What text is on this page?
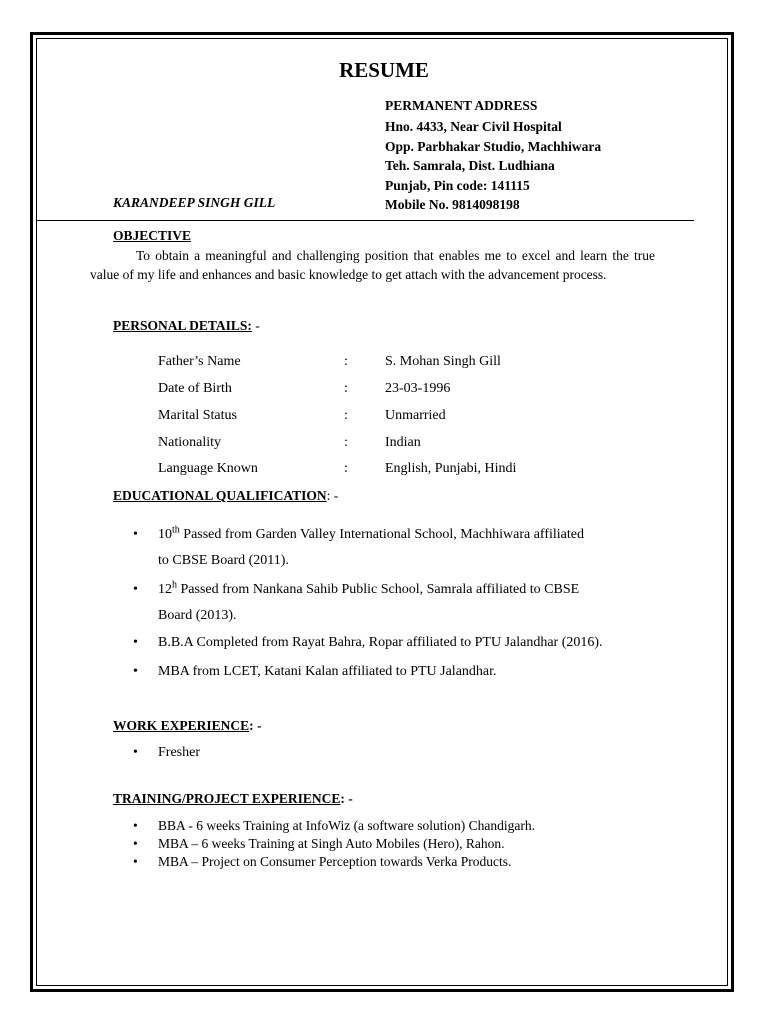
RESUME
PERMANENT ADDRESS
Hno. 4433, Near Civil Hospital
Opp. Parbhakar Studio, Machhiwara
Teh. Samrala, Dist. Ludhiana
Punjab, Pin code: 141115
Mobile No. 9814098198
KARANDEEP SINGH GILL
OBJECTIVE
To obtain a meaningful and challenging position that enables me to excel and learn the true value of my life and enhances and basic knowledge to get attach with the advancement process.
PERSONAL DETAILS: -
Father’s Name	:	S. Mohan Singh Gill
Date of Birth	:	23-03-1996
Marital Status	:	Unmarried
Nationality	:	Indian
Language Known	:	English, Punjabi, Hindi
EDUCATIONAL QUALIFICATION: -
• 10th Passed from Garden Valley International School, Machhiwara affiliated
to CBSE Board (2011).
• 12$^h$ Passed from Nankana Sahib Public School, Samrala affiliated to CBSE
Board (2013).
• B.B.A Completed from Rayat Bahra, Ropar affiliated to PTU Jalandhar (2016).
• MBA from LCET, Katani Kalan affiliated to PTU Jalandhar.
WORK EXPERIENCE: -
• Fresher
TRAINING/PROJECT EXPERIENCE: -
• BBA - 6 weeks Training at InfoWiz (a software solution) Chandigarh.
• MBA – 6 weeks Training at Singh Auto Mobiles (Hero), Rahon.
• MBA – Project on Consumer Perception towards Verka Products.
